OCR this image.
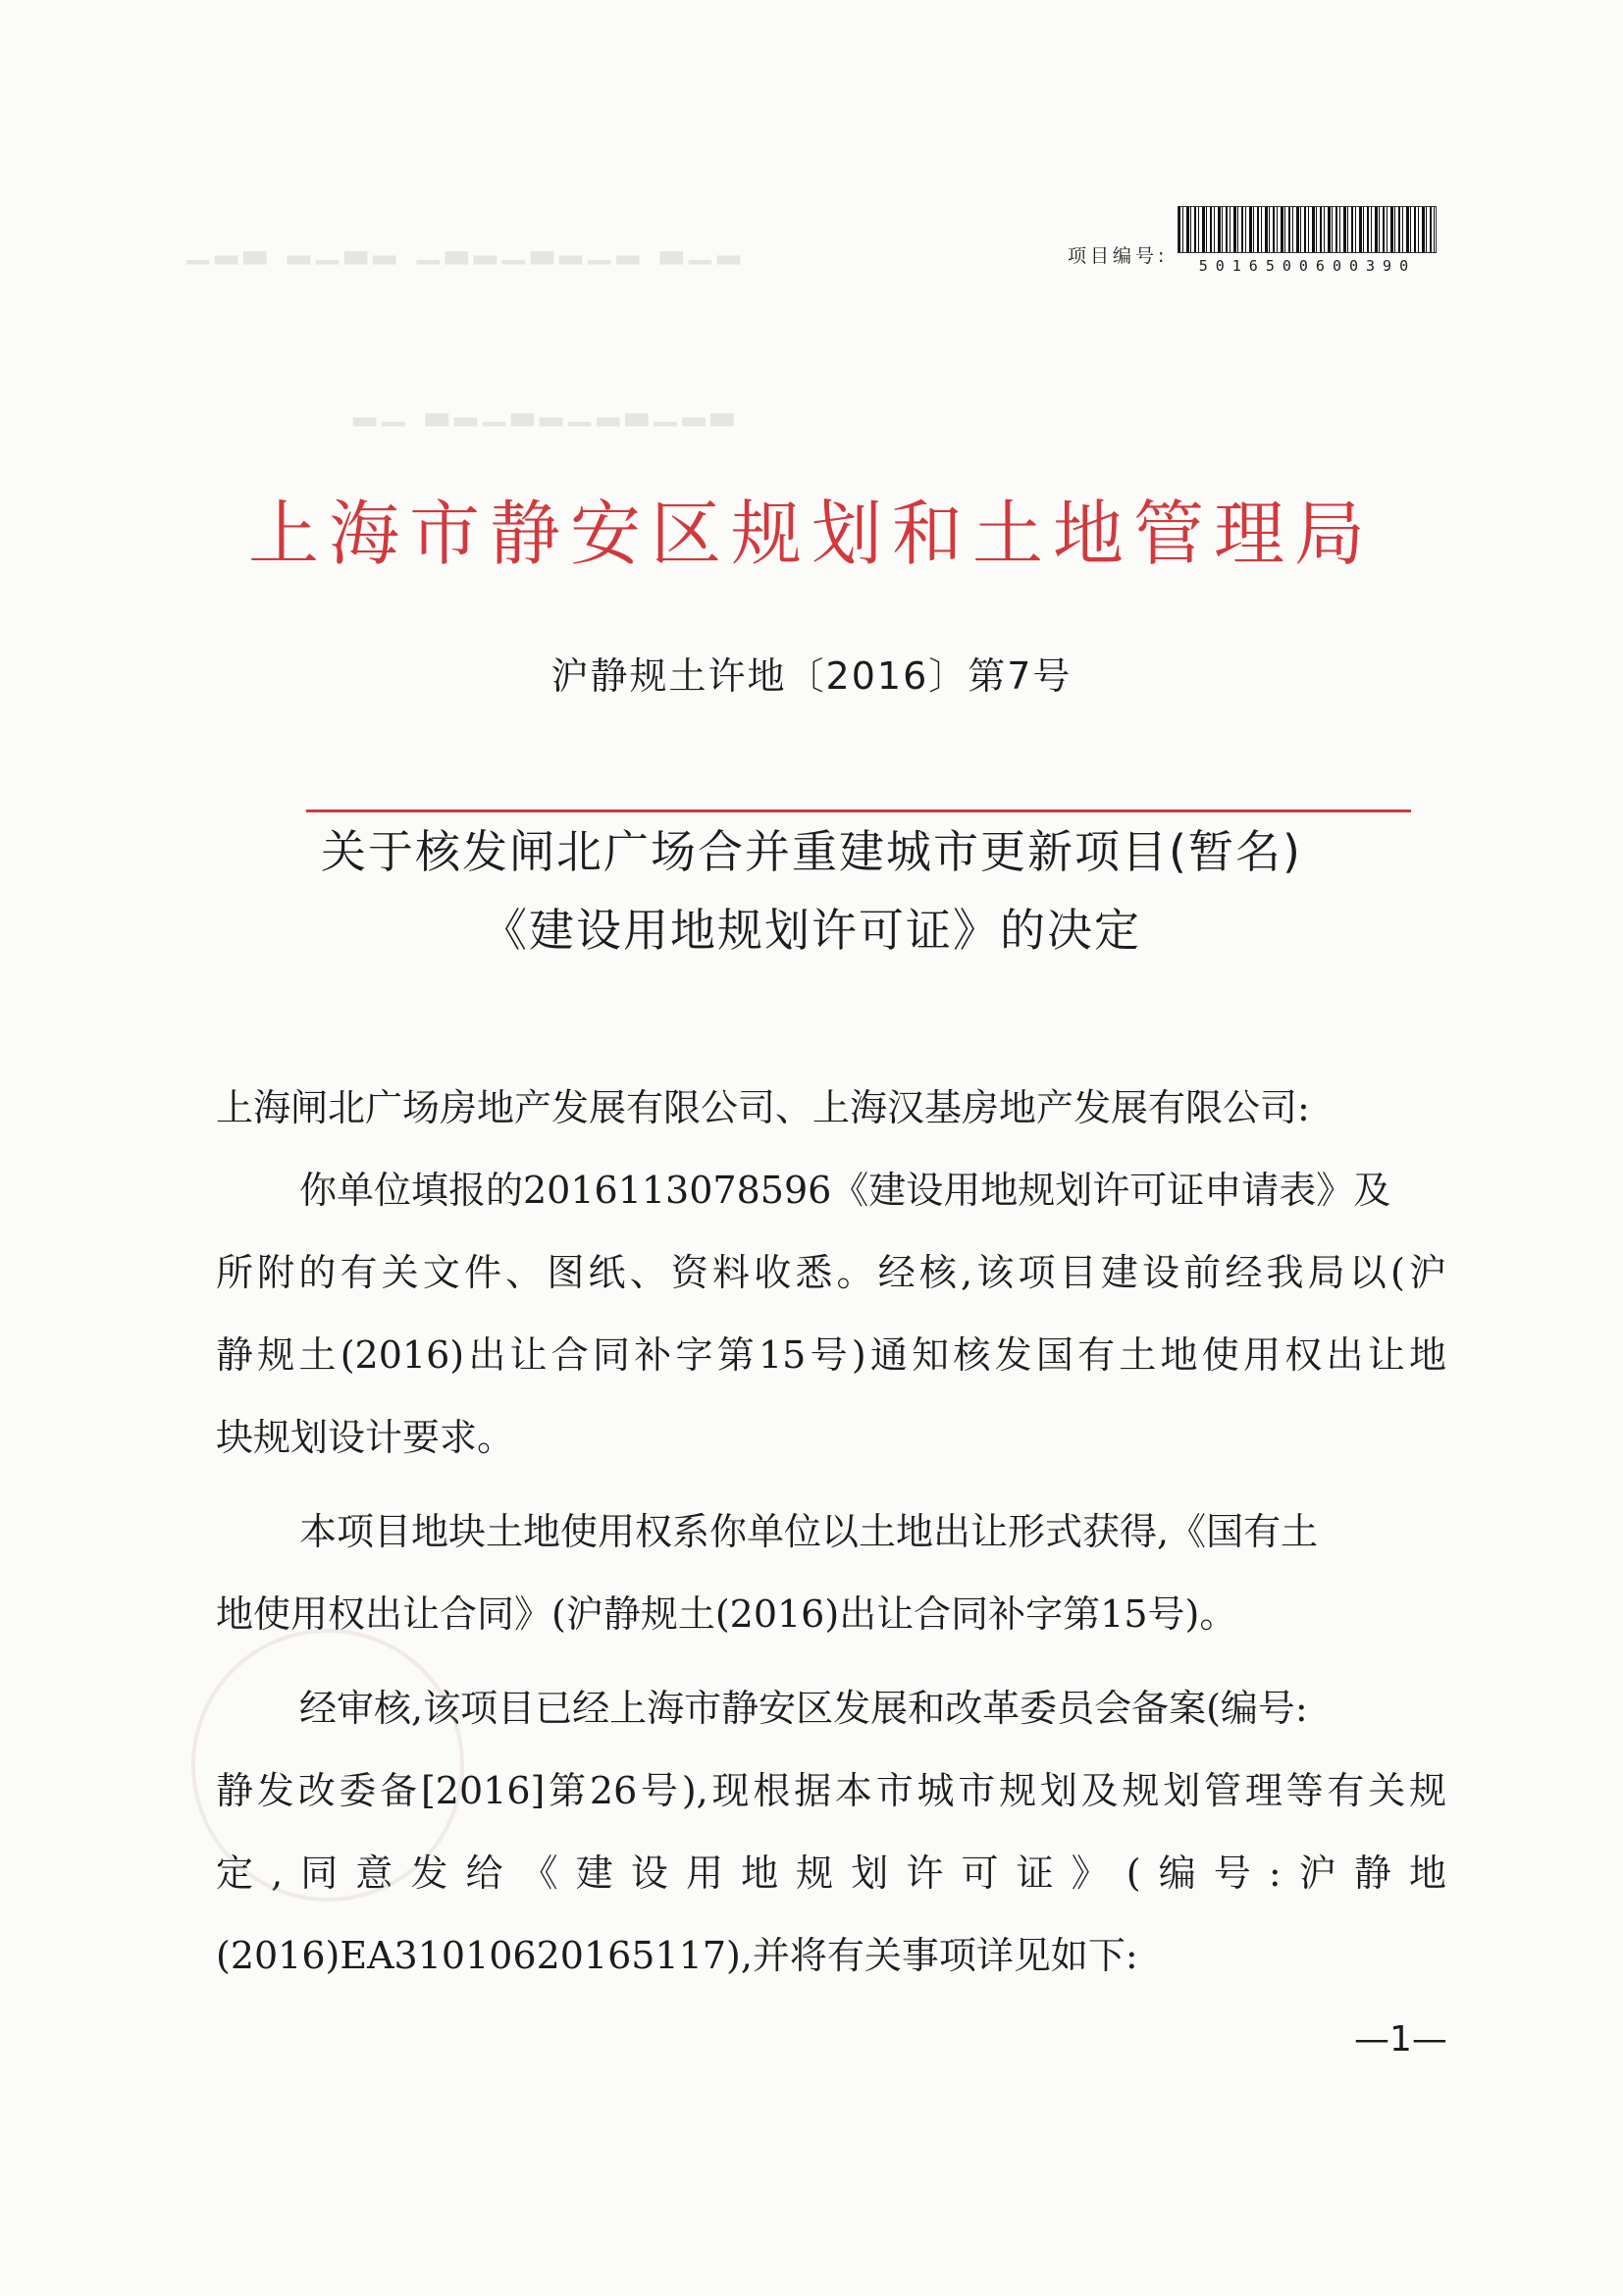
▁▂▃ ▂▁▃▂ ▁▃▂▁▃▂▁▂ ▃▁▂
▂▁ ▃▂▁▃▂▁▂▃▁▂▃
项目编号: 5016500600390
上海市静安区规划和土地管理局
沪静规土许地〔2016〕第7号
关于核发闸北广场合并重建城市更新项目(暂名)
《建设用地规划许可证》的决定
上海闸北广场房地产发展有限公司、上海汉基房地产发展有限公司:
你单位填报的2016113078596《建设用地规划许可证申请表》及
所附的有关文件、图纸、资料收悉。经核,该项目建设前经我局以(沪
静规土(2016)出让合同补字第15号)通知核发国有土地使用权出让地
块规划设计要求。
本项目地块土地使用权系你单位以土地出让形式获得,《国有土
地使用权出让合同》(沪静规土(2016)出让合同补字第15号)。
经审核,该项目已经上海市静安区发展和改革委员会备案(编号:
静发改委备[2016]第26号),现根据本市城市规划及规划管理等有关规
定,同意发给《建设用地规划许可证》(编号:沪静地
(2016)EA31010620165117),并将有关事项详见如下:
—1—
